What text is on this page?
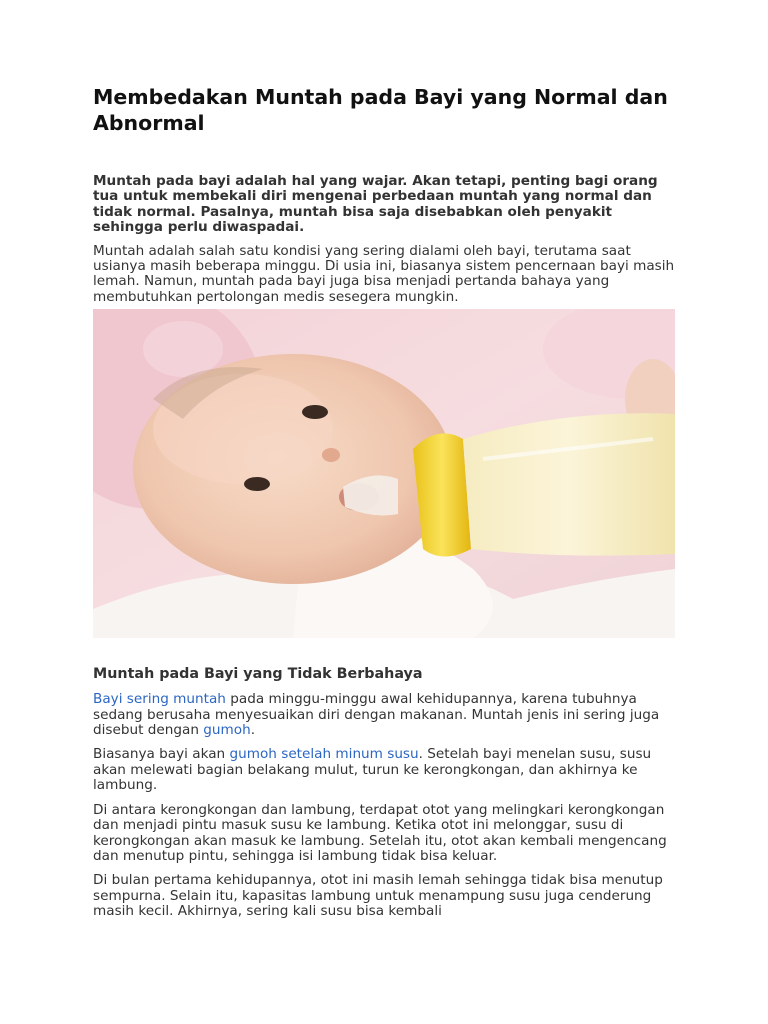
Membedakan Muntah pada Bayi yang Normal dan Abnormal

Muntah pada bayi adalah hal yang wajar. Akan tetapi, penting bagi orang tua untuk membekali diri mengenai perbedaan muntah yang normal dan tidak normal. Pasalnya, muntah bisa saja disebabkan oleh penyakit sehingga perlu diwaspadai.

Muntah adalah salah satu kondisi yang sering dialami oleh bayi, terutama saat usianya masih beberapa minggu. Di usia ini, biasanya sistem pencernaan bayi masih lemah. Namun, muntah pada bayi juga bisa menjadi pertanda bahaya yang membutuhkan pertolongan medis sesegera mungkin.

Muntah pada Bayi yang Tidak Berbahaya

Bayi sering muntah pada minggu-minggu awal kehidupannya, karena tubuhnya sedang berusaha menyesuaikan diri dengan makanan. Muntah jenis ini sering juga disebut dengan gumoh.

Biasanya bayi akan gumoh setelah minum susu. Setelah bayi menelan susu, susu akan melewati bagian belakang mulut, turun ke kerongkongan, dan akhirnya ke lambung.

Di antara kerongkongan dan lambung, terdapat otot yang melingkari kerongkongan dan menjadi pintu masuk susu ke lambung. Ketika otot ini melonggar, susu di kerongkongan akan masuk ke lambung. Setelah itu, otot akan kembali mengencang dan menutup pintu, sehingga isi lambung tidak bisa keluar.

Di bulan pertama kehidupannya, otot ini masih lemah sehingga tidak bisa menutup sempurna. Selain itu, kapasitas lambung untuk menampung susu juga cenderung masih kecil. Akhirnya, sering kali susu bisa kembali
